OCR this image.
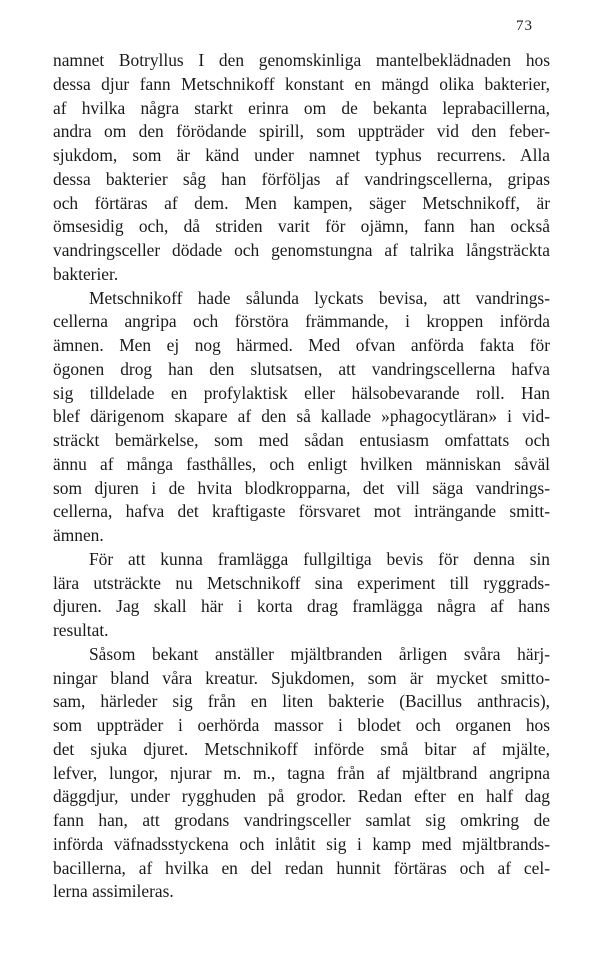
73
namnet Botryllus I den genomskinliga mantelbeklädnaden hos
dessa djur fann Metschnikoff konstant en mängd olika bakterier,
af hvilka några starkt erinra om de bekanta leprabacillerna,
andra om den förödande spirill, som uppträder vid den feber-
sjukdom, som är känd under namnet typhus recurrens. Alla
dessa bakterier såg han förföljas af vandringscellerna, gripas
och förtäras af dem. Men kampen, säger Metschnikoff, är
ömsesidig och, då striden varit för ojämn, fann han också
vandringsceller dödade och genomstungna af talrika långsträckta
bakterier.
Metschnikoff hade sålunda lyckats bevisa, att vandrings-
cellerna angripa och förstöra främmande, i kroppen införda
ämnen. Men ej nog härmed. Med ofvan anförda fakta för
ögonen drog han den slutsatsen, att vandringscellerna hafva
sig tilldelade en profylaktisk eller hälsobevarande roll. Han
blef därigenom skapare af den så kallade »phagocytläran» i vid-
sträckt bemärkelse, som med sådan entusiasm omfattats och
ännu af många fasthålles, och enligt hvilken människan såväl
som djuren i de hvita blodkropparna, det vill säga vandrings-
cellerna, hafva det kraftigaste försvaret mot inträngande smitt-
ämnen.
För att kunna framlägga fullgiltiga bevis för denna sin
lära utsträckte nu Metschnikoff sina experiment till ryggrads-
djuren. Jag skall här i korta drag framlägga några af hans
resultat.
Såsom bekant anställer mjältbranden årligen svåra härj-
ningar bland våra kreatur. Sjukdomen, som är mycket smitto-
sam, härleder sig från en liten bakterie (Bacillus anthracis),
som uppträder i oerhörda massor i blodet och organen hos
det sjuka djuret. Metschnikoff införde små bitar af mjälte,
lefver, lungor, njurar m. m., tagna från af mjältbrand angripna
däggdjur, under rygghuden på grodor. Redan efter en half dag
fann han, att grodans vandringsceller samlat sig omkring de
införda väfnadsstyckena och inlåtit sig i kamp med mjältbrands-
bacillerna, af hvilka en del redan hunnit förtäras och af cel-
lerna assimileras.
